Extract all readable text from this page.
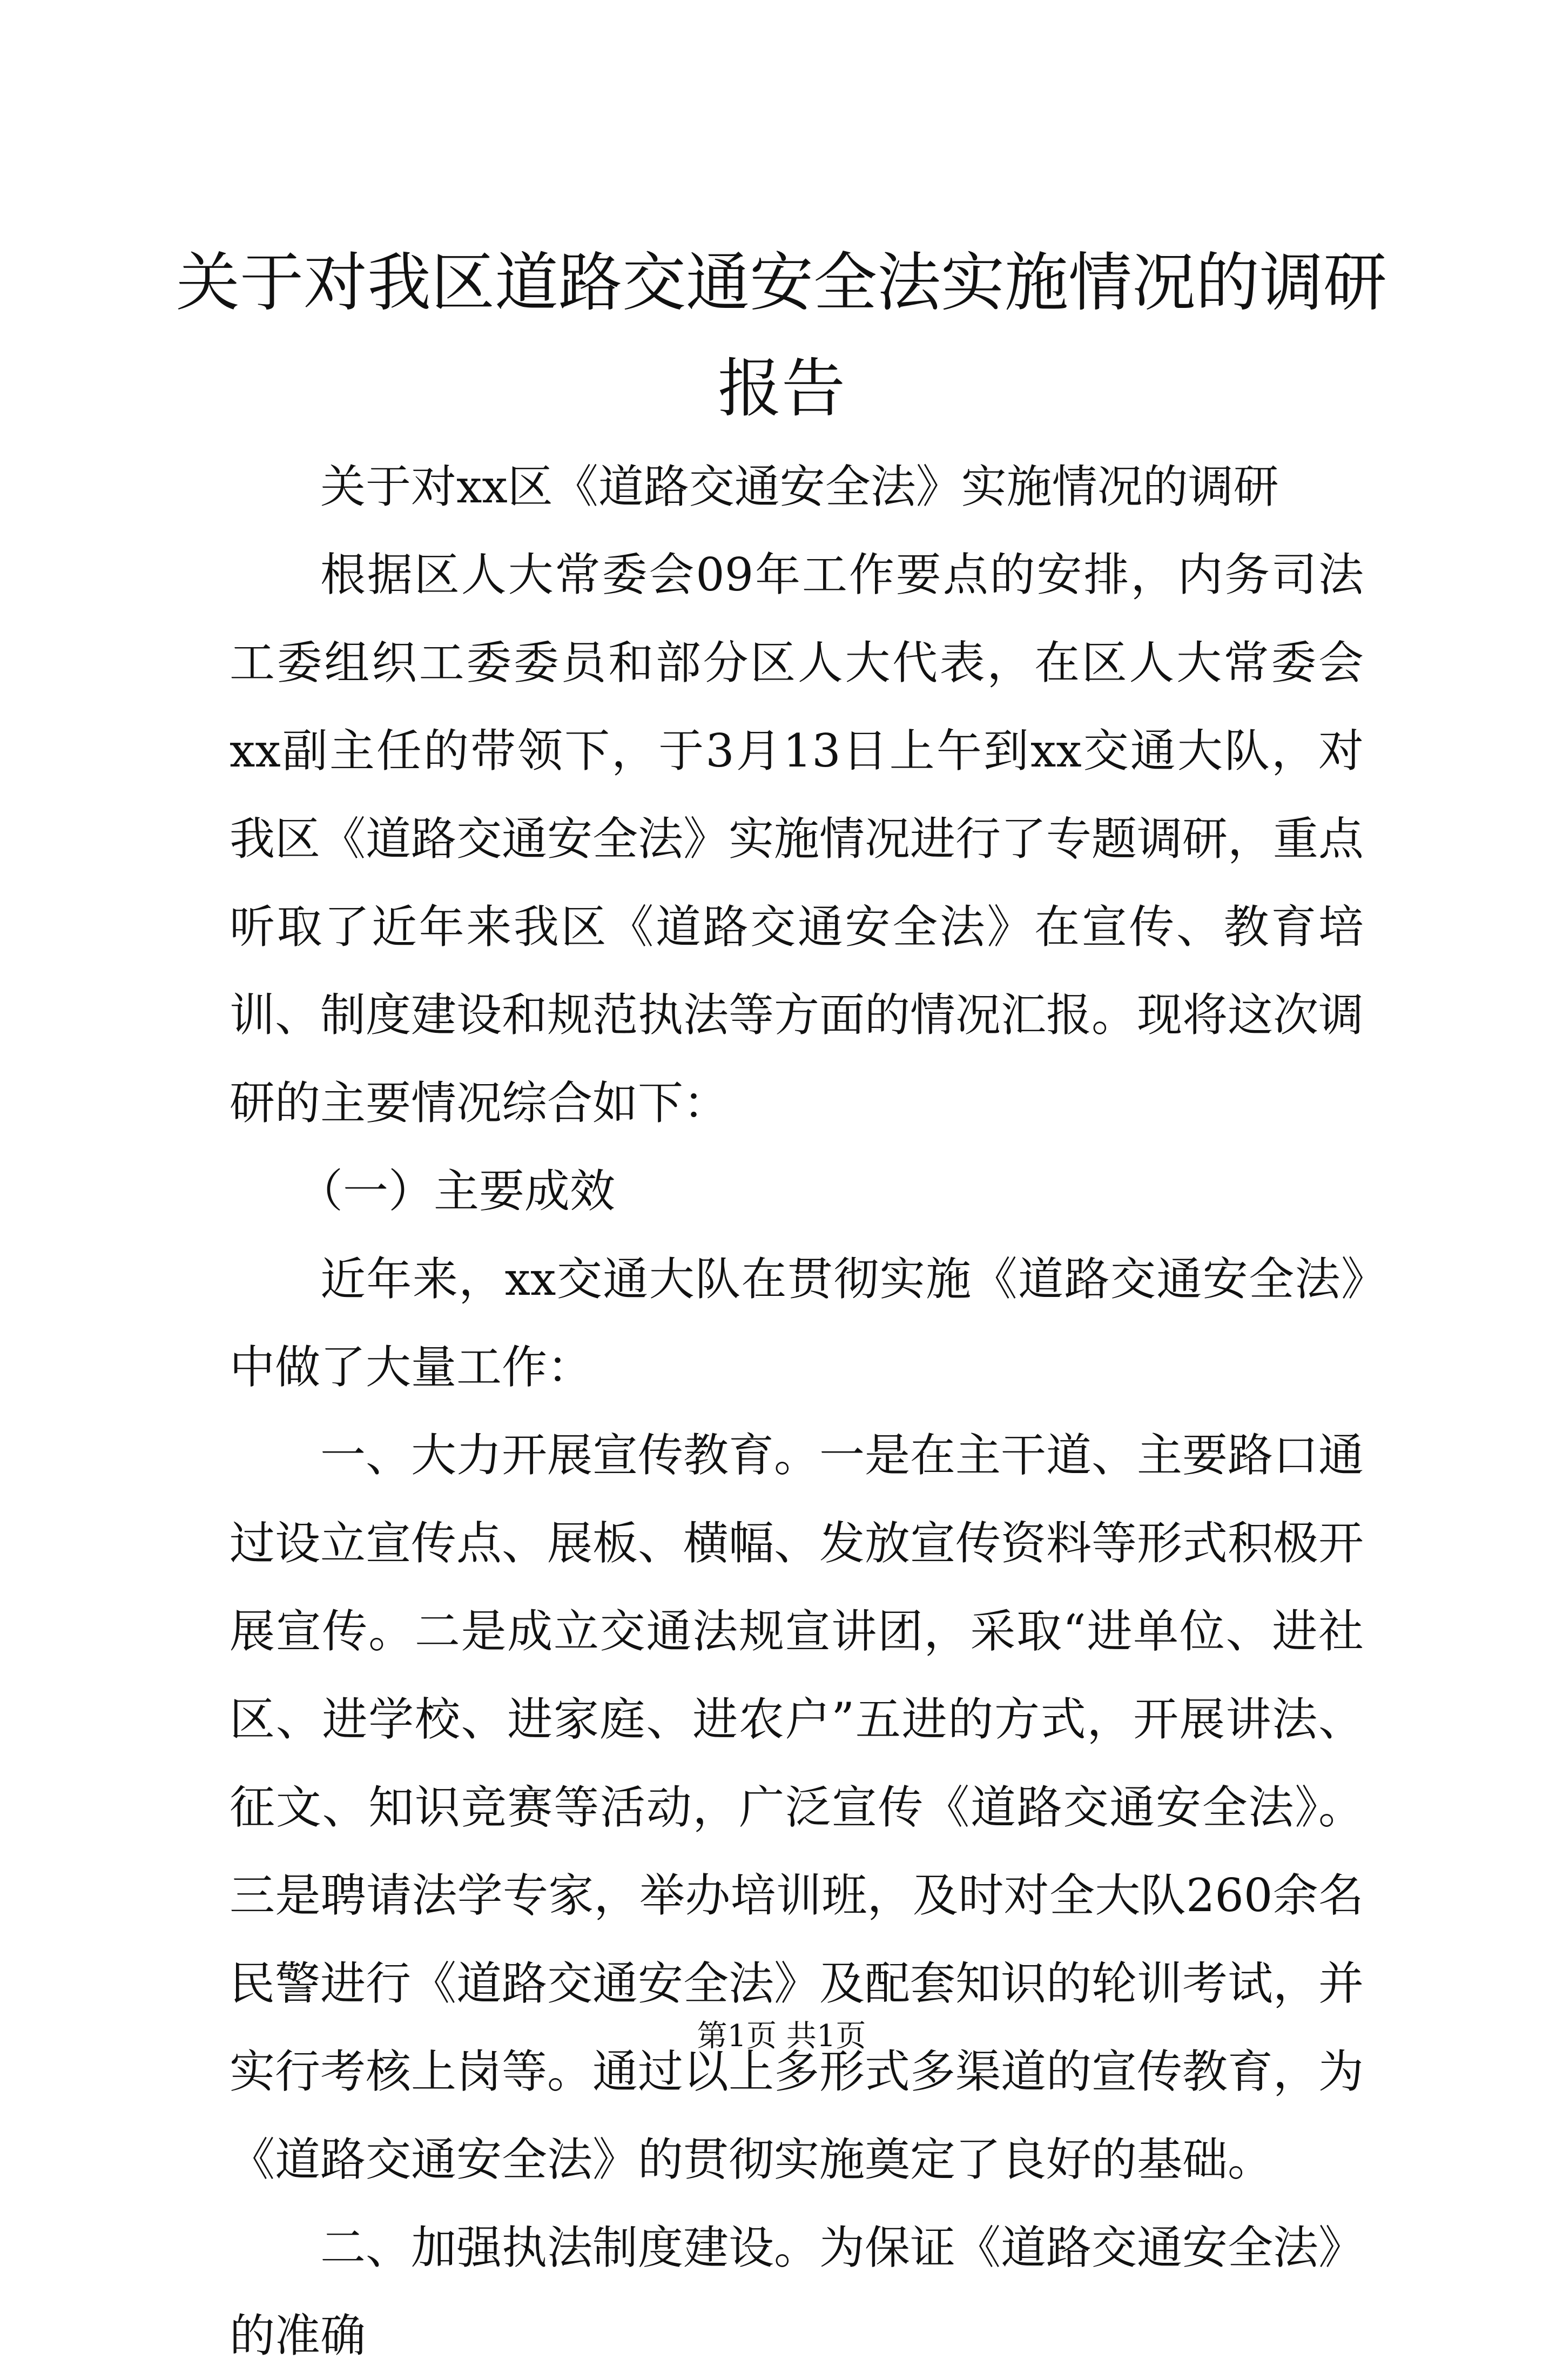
关于对我区道路交通安全法实施情况的调研报告

关于对xx区《道路交通安全法》实施情况的调研

根据区人大常委会09年工作要点的安排，内务司法工委组织工委委员和部分区人大代表，在区人大常委会xx副主任的带领下，于3月13日上午到xx交通大队，对我区《道路交通安全法》实施情况进行了专题调研，重点听取了近年来我区《道路交通安全法》在宣传、教育培训、制度建设和规范执法等方面的情况汇报。现将这次调研的主要情况综合如下：

（一）主要成效

近年来，xx交通大队在贯彻实施《道路交通安全法》中做了大量工作：

一、大力开展宣传教育。一是在主干道、主要路口通过设立宣传点、展板、横幅、发放宣传资料等形式积极开展宣传。二是成立交通法规宣讲团，采取“进单位、进社区、进学校、进家庭、进农户”五进的方式，开展讲法、征文、知识竞赛等活动，广泛宣传《道路交通安全法》。三是聘请法学专家，举办培训班，及时对全大队260余名民警进行《道路交通安全法》及配套知识的轮训考试，并实行考核上岗等。通过以上多形式多渠道的宣传教育，为《道路交通安全法》的贯彻实施奠定了良好的基础。

二、加强执法制度建设。为保证《道路交通安全法》的准确

第1页 共1页
